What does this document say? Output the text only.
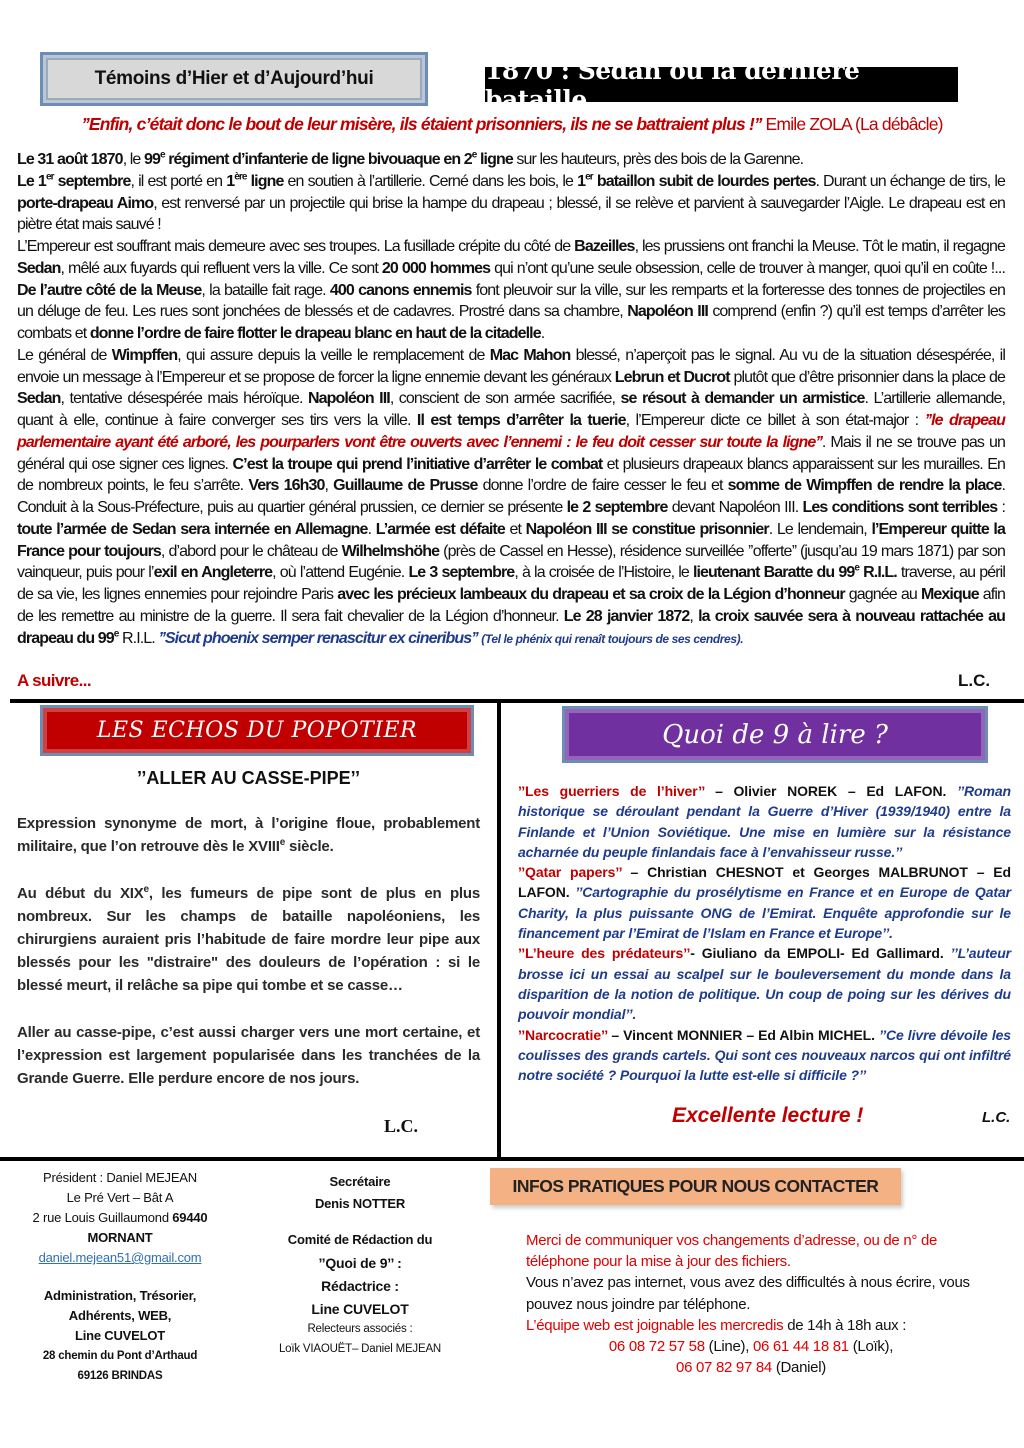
Témoins d’Hier et d’Aujourd’hui	1870 : Sedan ou la dernière bataille
’’Enfin, c’était donc le bout de leur misère, ils étaient prisonniers, ils ne se battraient plus !’’ Emile ZOLA (La débâcle)

Le 31 août 1870, le 99e régiment d’infanterie de ligne bivouaque en 2e ligne sur les hauteurs, près des bois de la Garenne.

Le 1er septembre, il est porté en 1ère ligne en soutien à l’artillerie. Cerné dans les bois, le 1er bataillon subit de lourdes pertes. Durant un échange de tirs, le porte-drapeau Aimo, est renversé par un projectile qui brise la hampe du drapeau ; blessé, il se relève et parvient à sauvegarder l’Aigle. Le drapeau est en piètre état mais sauvé !

L’Empereur est souffrant mais demeure avec ses troupes. La fusillade crépite du côté de Bazeilles, les prussiens ont franchi la Meuse. Tôt le matin, il regagne Sedan, mêlé aux fuyards qui refluent vers la ville. Ce sont 20 000 hommes qui n’ont qu’une seule obsession, celle de trouver à manger, quoi qu’il en coûte !... De l’autre côté de la Meuse, la bataille fait rage. 400 canons ennemis font pleuvoir sur la ville, sur les remparts et la forteresse des tonnes de projectiles en un déluge de feu. Les rues sont jonchées de blessés et de cadavres. Prostré dans sa chambre, Napoléon III comprend (enfin ?) qu’il est temps d’arrêter les combats et donne l’ordre de faire flotter le drapeau blanc en haut de la citadelle.

Le général de Wimpffen, qui assure depuis la veille le remplacement de Mac Mahon blessé, n’aperçoit pas le signal. Au vu de la situation désespérée, il envoie un message à l’Empereur et se propose de forcer la ligne ennemie devant les généraux Lebrun et Ducrot plutôt que d’être prisonnier dans la place de Sedan, tentative désespérée mais héroïque. Napoléon III, conscient de son armée sacrifiée, se résout à demander un armistice. L’artillerie allemande, quant à elle, continue à faire converger ses tirs vers la ville. Il est temps d’arrêter la tuerie, l’Empereur dicte ce billet à son état-major : ’’le drapeau parlementaire ayant été arboré, les pourparlers vont être ouverts avec l’ennemi : le feu doit cesser sur toute la ligne’’. Mais il ne se trouve pas un général qui ose signer ces lignes. C’est la troupe qui prend l’initiative d’arrêter le combat et plusieurs drapeaux blancs apparaissent sur les murailles. En de nombreux points, le feu s’arrête. Vers 16h30, Guillaume de Prusse donne l’ordre de faire cesser le feu et somme de Wimpffen de rendre la place. Conduit à la Sous-Préfecture, puis au quartier général prussien, ce dernier se présente le 2 septembre devant Napoléon III. Les conditions sont terribles : toute l’armée de Sedan sera internée en Allemagne. L’armée est défaite et Napoléon III se constitue prisonnier. Le lendemain, l’Empereur quitte la France pour toujours, d’abord pour le château de Wilhelmshöhe (près de Cassel en Hesse), résidence surveillée ’’offerte’’ (jusqu’au 19 mars 1871) par son vainqueur, puis pour l’exil en Angleterre, où l’attend Eugénie. Le 3 septembre, à la croisée de l’Histoire, le lieutenant Baratte du 99e R.I.L. traverse, au péril de sa vie, les lignes ennemies pour rejoindre Paris avec les précieux lambeaux du drapeau et sa croix de la Légion d’honneur gagnée au Mexique afin de les remettre au ministre de la guerre. Il sera fait chevalier de la Légion d’honneur. Le 28 janvier 1872, la croix sauvée sera à nouveau rattachée au drapeau du 99e R.I.L. ’’Sicut phoenix semper renascitur ex cineribus’’ (Tel le phénix qui renaît toujours de ses cendres).

A suivre...	L.C.
LES ECHOS DU POPOTIER
’’ALLER AU CASSE-PIPE’’

Expression synonyme de mort, à l’origine floue, probablement militaire, que l’on retrouve dès le XVIIIe siècle.

Au début du XIXe, les fumeurs de pipe sont de plus en plus nombreux. Sur les champs de bataille napoléoniens, les chirurgiens auraient pris l’habitude de faire mordre leur pipe aux blessés pour les "distraire" des douleurs de l’opération : si le blessé meurt, il relâche sa pipe qui tombe et se casse…

Aller au casse-pipe, c’est aussi charger vers une mort certaine, et l’expression est largement popularisée dans les tranchées de la Grande Guerre. Elle perdure encore de nos jours.

L.C.
Quoi de 9 à lire ?
’’Les guerriers de l’hiver’’ – Olivier NOREK – Ed LAFON. ’’Roman historique se déroulant pendant la Guerre d’Hiver (1939/1940) entre la Finlande et l’Union Soviétique. Une mise en lumière sur la résistance acharnée du peuple finlandais face à l’envahisseur russe.’’
’’Qatar papers’’ – Christian CHESNOT et Georges MALBRUNOT – Ed LAFON. ’’Cartographie du prosélytisme en France et en Europe de Qatar Charity, la plus puissante ONG de l’Emirat. Enquête approfondie sur le financement par l’Emirat de l’Islam en France et Europe’’.
’’L’heure des prédateurs’’- Giuliano da EMPOLI- Ed Gallimard. ’’L’auteur brosse ici un essai au scalpel sur le bouleversement du monde dans la disparition de la notion de politique. Un coup de poing sur les dérives du pouvoir mondial’’.
’’Narcocratie’’ – Vincent MONNIER – Ed Albin MICHEL. ’’Ce livre dévoile les coulisses des grands cartels. Qui sont ces nouveaux narcos qui ont infiltré notre société ? Pourquoi la lutte est-elle si difficile ?’’
Excellente lecture !	L.C.
Président : Daniel MEJEAN
Le Pré Vert – Bât A
2 rue Louis Guillaumond 69440
MORNANT
daniel.mejean51@gmail.com
Administration, Trésorier,
Adhérents, WEB,
Line CUVELOT
28 chemin du Pont d’Arthaud
69126 BRINDAS
Secrétaire
Denis NOTTER
Comité de Rédaction du
’’Quoi de 9’’ :
Rédactrice :
Line CUVELOT
Relecteurs associés :
Loïk VIAOUËT– Daniel MEJEAN
INFOS PRATIQUES POUR NOUS CONTACTER
Merci de communiquer vos changements d’adresse, ou de n° de téléphone pour la mise à jour des fichiers.
Vous n’avez pas internet, vous avez des difficultés à nous écrire, vous pouvez nous joindre par téléphone.
L’équipe web est joignable les mercredis de 14h à 18h aux :
06 08 72 57 58 (Line), 06 61 44 18 81 (Loïk),
06 07 82 97 84 (Daniel)
